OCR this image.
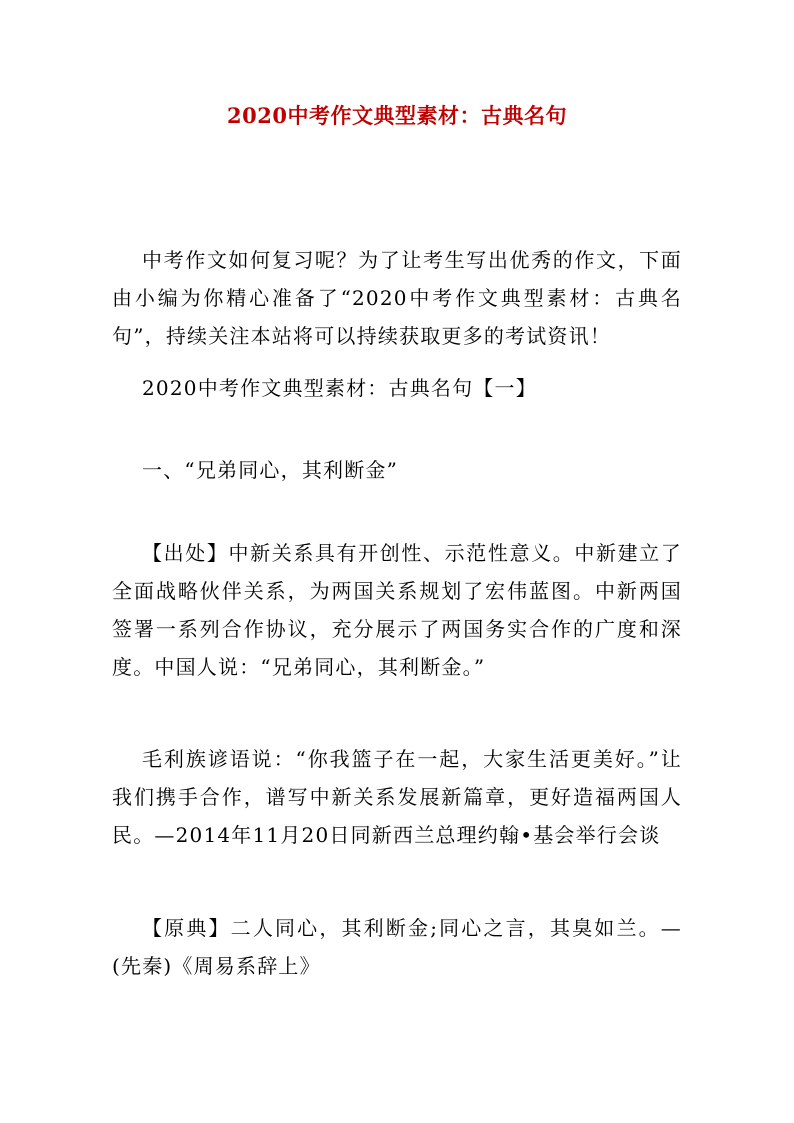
2020中考作文典型素材：古典名句
中考作文如何复习呢？为了让考生写出优秀的作文，下面由小编为你精心准备了“2020中考作文典型素材：古典名句”，持续关注本站将可以持续获取更多的考试资讯！
2020中考作文典型素材：古典名句【一】
一、“兄弟同心，其利断金”
【出处】中新关系具有开创性、示范性意义。中新建立了全面战略伙伴关系，为两国关系规划了宏伟蓝图。中新两国签署一系列合作协议，充分展示了两国务实合作的广度和深度。中国人说：“兄弟同心，其利断金。”
毛利族谚语说：“你我篮子在一起，大家生活更美好。”让我们携手合作，谱写中新关系发展新篇章，更好造福两国人民。—2014年11月20日同新西兰总理约翰•基会举行会谈
【原典】二人同心，其利断金;同心之言，其臭如兰。—(先秦)《周易系辞上》
